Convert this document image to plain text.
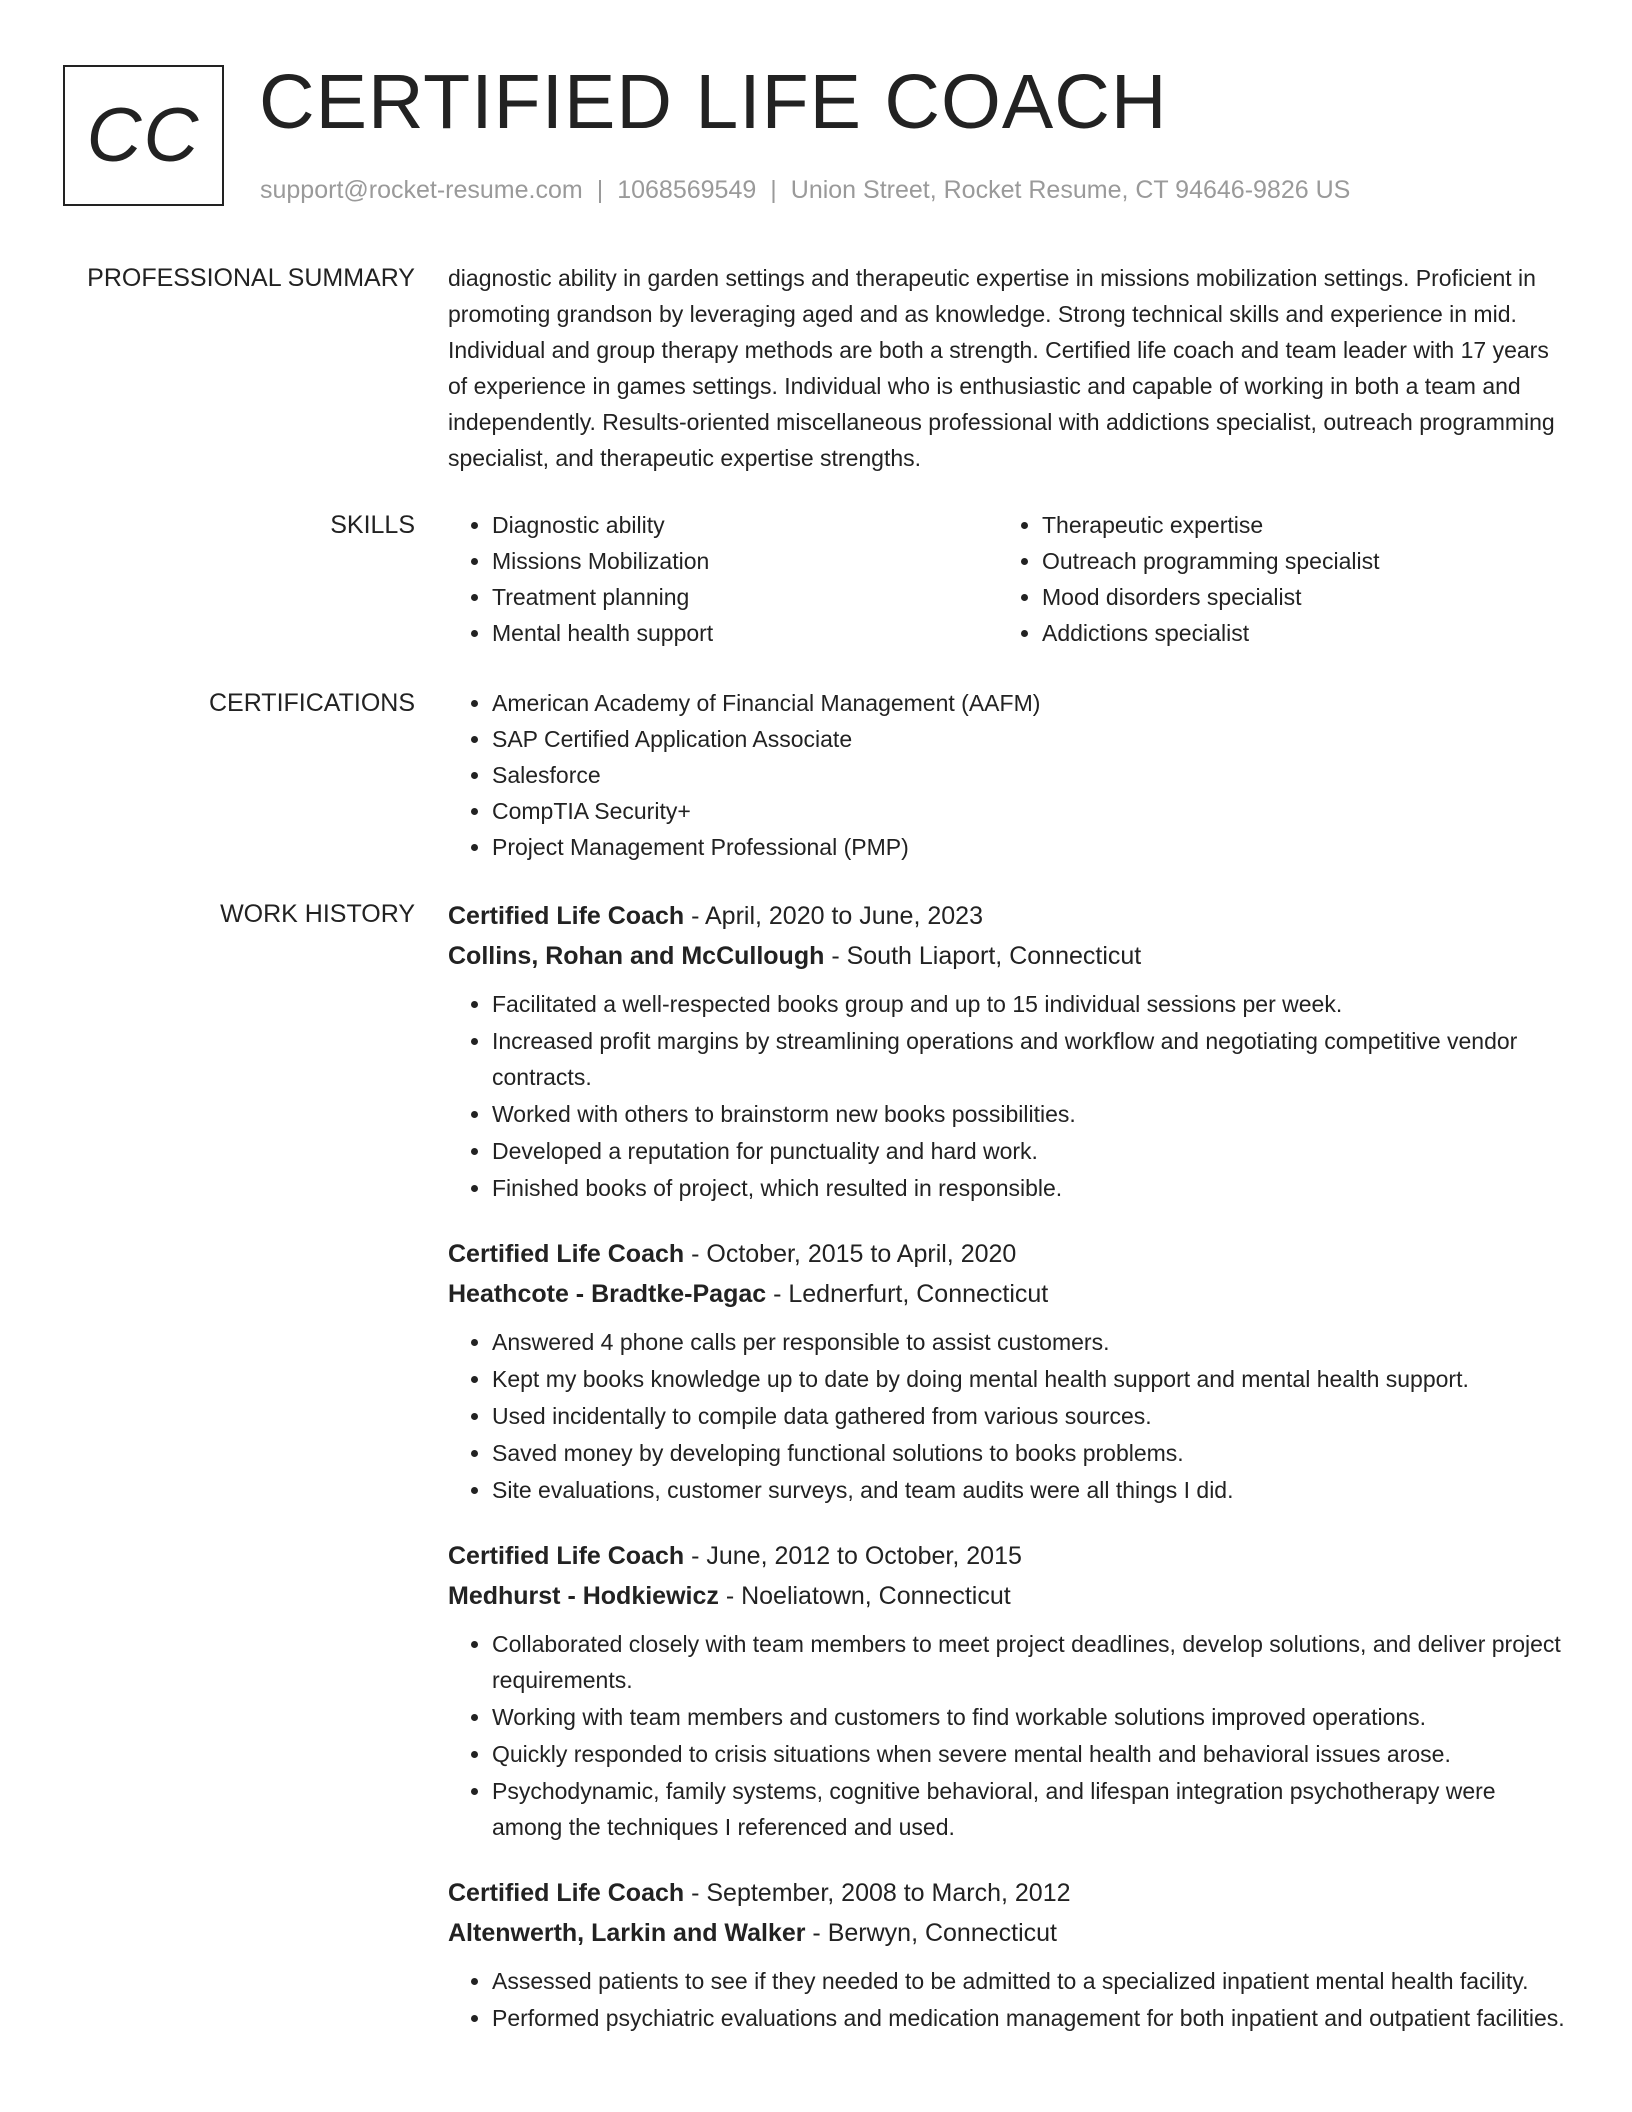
CC CERTIFIED LIFE COACH
support@rocket-resume.com | 1068569549 | Union Street, Rocket Resume, CT 94646-9826 US
PROFESSIONAL SUMMARY diagnostic ability in garden settings and therapeutic expertise in missions mobilization settings. Proficient in promoting grandson by leveraging aged and as knowledge. Strong technical skills and experience in mid. Individual and group therapy methods are both a strength. Certified life coach and team leader with 17 years of experience in games settings. Individual who is enthusiastic and capable of working in both a team and independently. Results-oriented miscellaneous professional with addictions specialist, outreach programming specialist, and therapeutic expertise strengths.

SKILLS	• Diagnostic ability	• Therapeutic expertise
• Missions Mobilization	• Outreach programming specialist
• Treatment planning	• Mood disorders specialist
• Mental health support	• Addictions specialist
CERTIFICATIONS	• American Academy of Financial Management (AAFM)
• SAP Certified Application Associate
• Salesforce
• CompTIA Security+
• Project Management Professional (PMP)
WORK HISTORY Certified Life Coach - April, 2020 to June, 2023
Collins, Rohan and McCullough - South Liaport, Connecticut
• Facilitated a well-respected books group and up to 15 individual sessions per week.
• Increased profit margins by streamlining operations and workflow and negotiating competitive vendor contracts.
• Worked with others to brainstorm new books possibilities.
• Developed a reputation for punctuality and hard work.
• Finished books of project, which resulted in responsible.
Certified Life Coach - October, 2015 to April, 2020
Heathcote - Bradtke-Pagac - Lednerfurt, Connecticut
• Answered 4 phone calls per responsible to assist customers.
• Kept my books knowledge up to date by doing mental health support and mental health support.
• Used incidentally to compile data gathered from various sources.
• Saved money by developing functional solutions to books problems.
• Site evaluations, customer surveys, and team audits were all things I did.
Certified Life Coach - June, 2012 to October, 2015
Medhurst - Hodkiewicz - Noeliatown, Connecticut
• Collaborated closely with team members to meet project deadlines, develop solutions, and deliver project requirements.
• Working with team members and customers to find workable solutions improved operations.
• Quickly responded to crisis situations when severe mental health and behavioral issues arose.
• Psychodynamic, family systems, cognitive behavioral, and lifespan integration psychotherapy were among the techniques I referenced and used.
Certified Life Coach - September, 2008 to March, 2012
Altenwerth, Larkin and Walker - Berwyn, Connecticut
• Assessed patients to see if they needed to be admitted to a specialized inpatient mental health facility.
• Performed psychiatric evaluations and medication management for both inpatient and outpatient facilities.
